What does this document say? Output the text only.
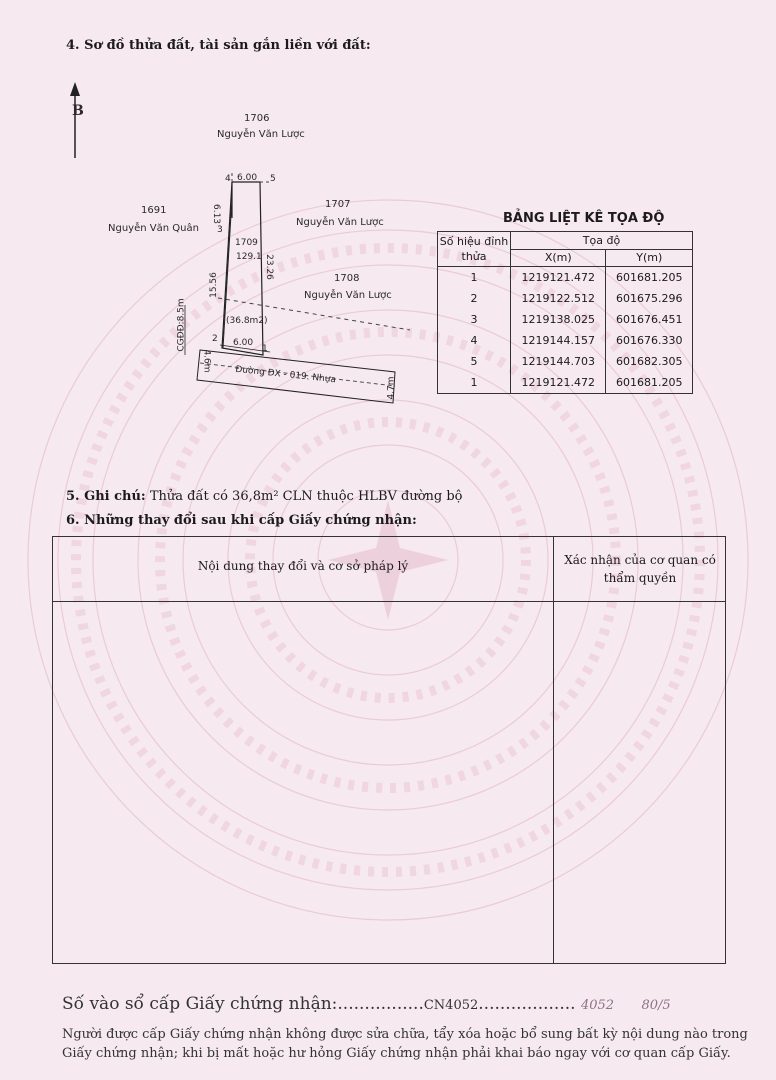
4. Sơ đồ thửa đất, tài sản gắn liền với đất:
B	1706
Nguyễn Văn Lược
1707
Nguyễn Văn Lược
1691
Nguyễn Văn Quân
1708
Nguyễn Văn Lược
1709
129.1
(36.8m2)
4	5
3
2
1
6.00
6.13
15.56
23.26
6.00
CGĐĐ:8.5m
4.6m
4.7m
Đường ĐX - 019. Nhựa
BẢNG LIỆT KÊ TỌA ĐỘ
Số hiệu đỉnh thửa	Tọa độ	
	X(m)	Y(m)
1	1219121.472	601681.205
2	1219122.512	601675.296
3	1219138.025	601676.451
4	1219144.157	601676.330
5	1219144.703	601682.305
1	1219121.472	601681.205
5. Ghi chú: Thửa đất có 36,8m² CLN thuộc HLBV đường bộ
6. Những thay đổi sau khi cấp Giấy chứng nhận:
Nội dung thay đổi và cơ sở pháp lý	Xác nhận của cơ quan có thẩm quyền
Số vào sổ cấp Giấy chứng nhận:................CN4052.................. 4052 80/5
Người được cấp Giấy chứng nhận không được sửa chữa, tẩy xóa hoặc bổ sung bất kỳ nội dung nào trong
Giấy chứng nhận; khi bị mất hoặc hư hỏng Giấy chứng nhận phải khai báo ngay với cơ quan cấp Giấy.
